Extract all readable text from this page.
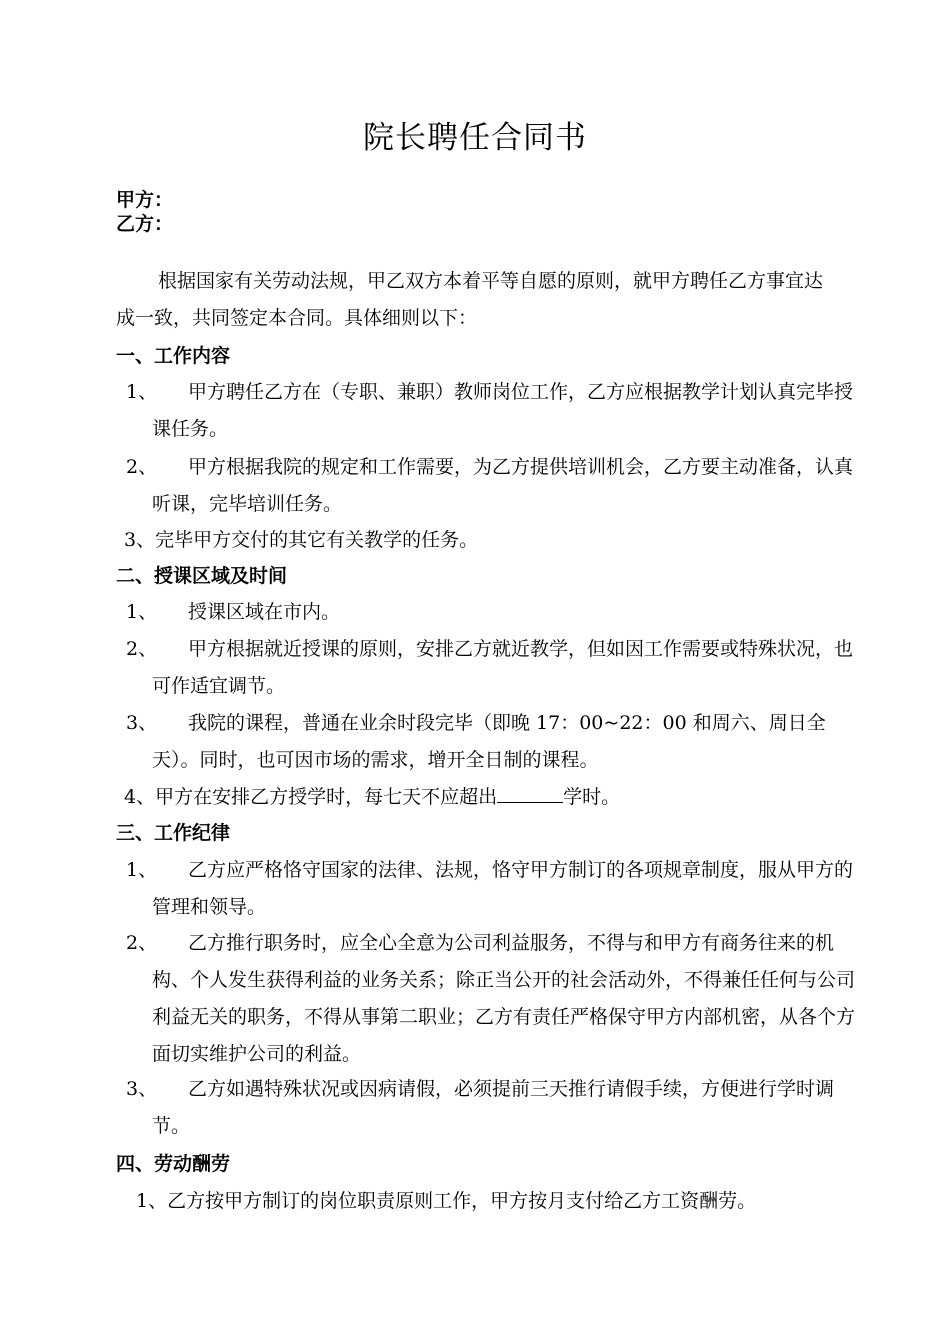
院长聘任合同书
甲方：
乙方：

根据国家有关劳动法规，甲乙双方本着平等自愿的原则，就甲方聘任乙方事宜达成一致，共同签定本合同。具体细则以下：

一、工作内容

1、 甲方聘任乙方在（专职、兼职）教师岗位工作，乙方应根据教学计划认真完毕授课任务。

2、 甲方根据我院的规定和工作需要，为乙方提供培训机会，乙方要主动准备，认真听课，完毕培训任务。

3、完毕甲方交付的其它有关教学的任务。

二、授课区域及时间

1、 授课区域在市内。

2、 甲方根据就近授课的原则，安排乙方就近教学，但如因工作需要或特殊状况，也可作适宜调节。

3、 我院的课程，普通在业余时段完毕（即晚 17：00~22：00 和周六、周日全天）。同时，也可因市场的需求，增开全日制的课程。

4、甲方在安排乙方授学时，每七天不应超出	学时。

三、工作纪律

1、 乙方应严格恪守国家的法律、法规，恪守甲方制订的各项规章制度，服从甲方的管理和领导。

2、 乙方推行职务时，应全心全意为公司利益服务，不得与和甲方有商务往来的机构、个人发生获得利益的业务关系；除正当公开的社会活动外，不得兼任任何与公司利益无关的职务，不得从事第二职业；乙方有责任严格保守甲方内部机密，从各个方面切实维护公司的利益。

3、 乙方如遇特殊状况或因病请假，必须提前三天推行请假手续，方便进行学时调节。

四、劳动酬劳

1、乙方按甲方制订的岗位职责原则工作，甲方按月支付给乙方工资酬劳。
